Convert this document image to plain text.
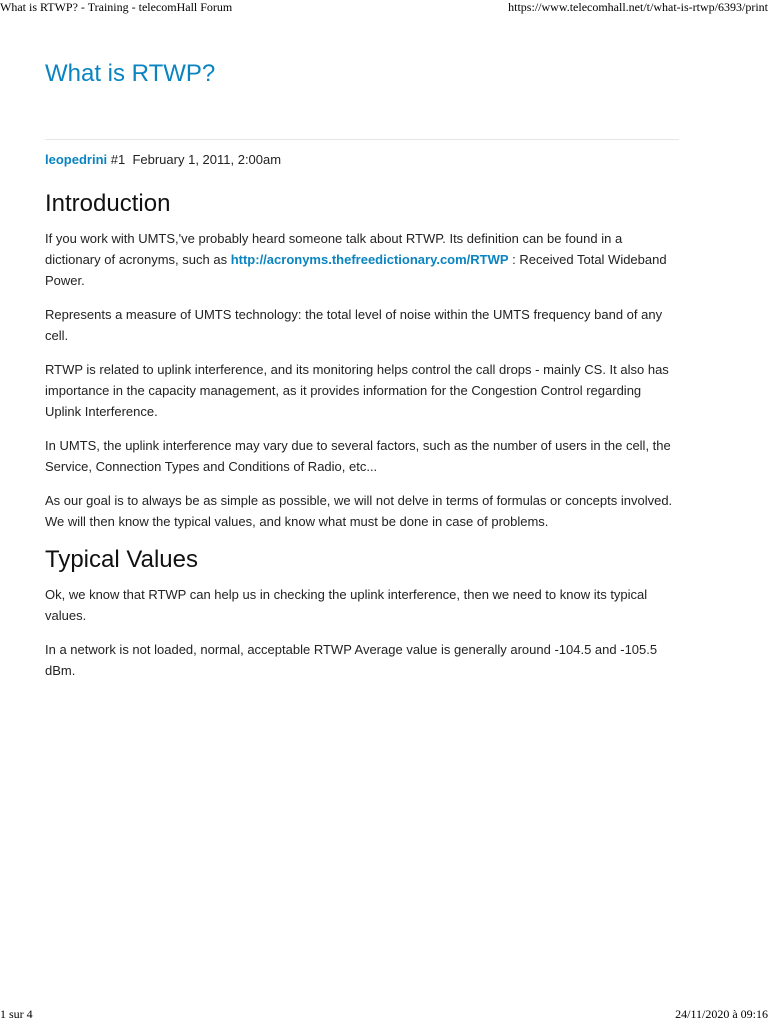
What is RTWP? - Training - telecomHall Forum	https://www.telecomhall.net/t/what-is-rtwp/6393/print
What is RTWP?
leopedrini #1 February 1, 2011, 2:00am
Introduction

If you work with UMTS,'ve probably heard someone talk about RTWP. Its definition can be found in a dictionary of acronyms, such as http://acronyms.thefreedictionary.com/RTWP : Received Total Wideband Power.

Represents a measure of UMTS technology: the total level of noise within the UMTS frequency band of any cell.

RTWP is related to uplink interference, and its monitoring helps control the call drops - mainly CS. It also has importance in the capacity management, as it provides information for the Congestion Control regarding Uplink Interference.

In UMTS, the uplink interference may vary due to several factors, such as the number of users in the cell, the Service, Connection Types and Conditions of Radio, etc...

As our goal is to always be as simple as possible, we will not delve in terms of formulas or concepts involved. We will then know the typical values, and know what must be done in case of problems.

Typical Values

Ok, we know that RTWP can help us in checking the uplink interference, then we need to know its typical values.

In a network is not loaded, normal, acceptable RTWP Average value is generally around -104.5 and -105.5 dBm.

1 sur 4	24/11/2020 à 09:16
